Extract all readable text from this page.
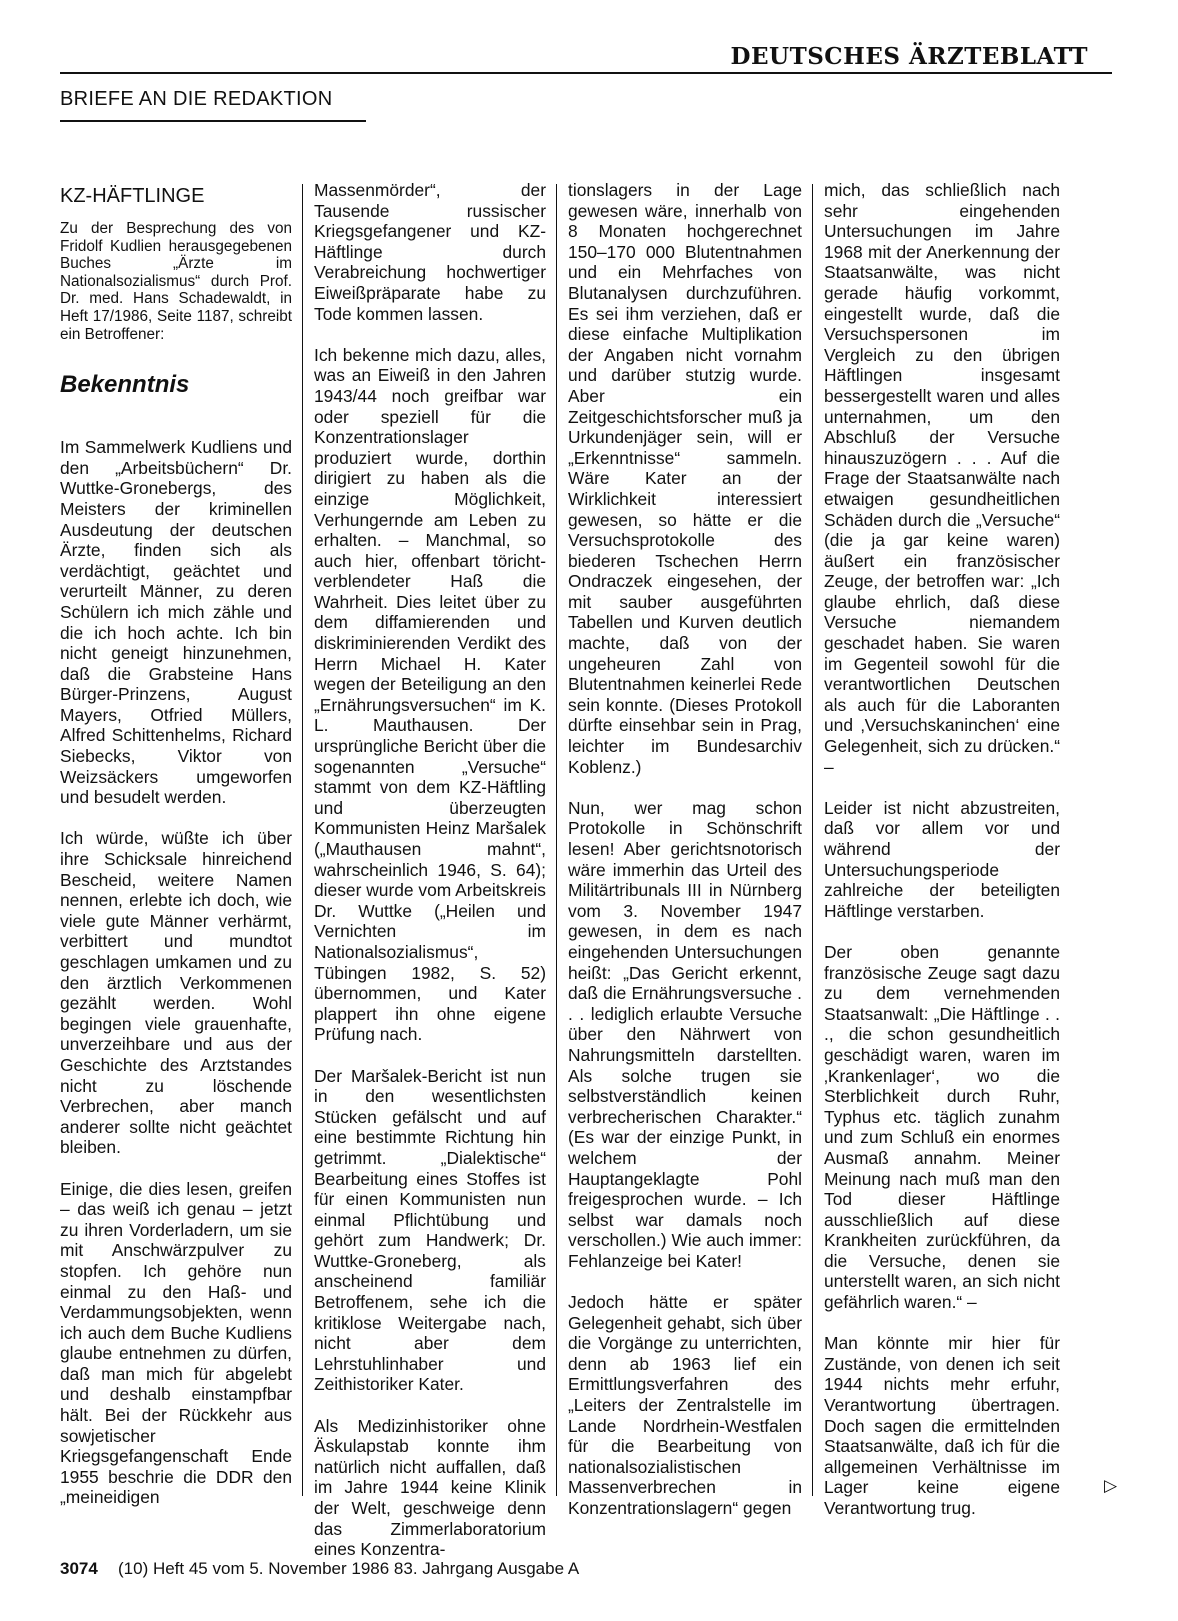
DEUTSCHES ÄRZTEBLATT
BRIEFE AN DIE REDAKTION
KZ-HÄFTLINGE
Zu der Besprechung des von Fridolf Kudlien herausgegebenen Buches „Ärzte im Nationalsozialismus“ durch Prof. Dr. med. Hans Schadewaldt, in Heft 17/1986, Seite 1187, schreibt ein Betroffener:
Bekenntnis

Im Sammelwerk Kudliens und den „Arbeitsbüchern“ Dr. Wuttke-Gronebergs, des Meisters der kriminellen Ausdeutung der deutschen Ärzte, finden sich als verdächtigt, geächtet und verurteilt Männer, zu deren Schülern ich mich zähle und die ich hoch achte. Ich bin nicht geneigt hinzunehmen, daß die Grabsteine Hans Bürger-Prinzens, August Mayers, Otfried Müllers, Alfred Schittenhelms, Richard Siebecks, Viktor von Weizsäckers umgeworfen und besudelt werden.

Ich würde, wüßte ich über ihre Schicksale hinreichend Bescheid, weitere Namen nennen, erlebte ich doch, wie viele gute Männer verhärmt, verbittert und mundtot geschlagen umkamen und zu den ärztlich Verkommenen gezählt werden. Wohl begingen viele grauenhafte, unverzeihbare und aus der Geschichte des Arztstandes nicht zu löschende Verbrechen, aber manch anderer sollte nicht geächtet bleiben.

Einige, die dies lesen, greifen – das weiß ich genau – jetzt zu ihren Vorderladern, um sie mit Anschwärzpulver zu stopfen. Ich gehöre nun einmal zu den Haß- und Verdammungsobjekten, wenn ich auch dem Buche Kudliens glaube entnehmen zu dürfen, daß man mich für abgelebt und deshalb einstampfbar hält. Bei der Rückkehr aus sowjetischer Kriegsgefangenschaft Ende 1955 beschrie die DDR den „meineidigen

Massenmörder“, der Tausende russischer Kriegsgefangener und KZ-Häftlinge durch Verabreichung hochwertiger Eiweißpräparate habe zu Tode kommen lassen.

Ich bekenne mich dazu, alles, was an Eiweiß in den Jahren 1943/44 noch greifbar war oder speziell für die Konzentrationslager produziert wurde, dorthin dirigiert zu haben als die einzige Möglichkeit, Verhungernde am Leben zu erhalten. – Manchmal, so auch hier, offenbart töricht-verblendeter Haß die Wahrheit. Dies leitet über zu dem diffamierenden und diskriminierenden Verdikt des Herrn Michael H. Kater wegen der Beteiligung an den „Ernährungsversuchen“ im K. L. Mauthausen. Der ursprüngliche Bericht über die sogenannten „Versuche“ stammt von dem KZ-Häftling und überzeugten Kommunisten Heinz Maršalek („Mauthausen mahnt“, wahrscheinlich 1946, S. 64); dieser wurde vom Arbeitskreis Dr. Wuttke („Heilen und Vernichten im Nationalsozialismus“, Tübingen 1982, S. 52) übernommen, und Kater plappert ihn ohne eigene Prüfung nach.

Der Maršalek-Bericht ist nun in den wesentlichsten Stücken gefälscht und auf eine bestimmte Richtung hin getrimmt. „Dialektische“ Bearbeitung eines Stoffes ist für einen Kommunisten nun einmal Pflichtübung und gehört zum Handwerk; Dr. Wuttke-Groneberg, als anscheinend familiär Betroffenem, sehe ich die kritiklose Weitergabe nach, nicht aber dem Lehrstuhlinhaber und Zeithistoriker Kater.

Als Medizinhistoriker ohne Äskulapstab konnte ihm natürlich nicht auffallen, daß im Jahre 1944 keine Klinik der Welt, geschweige denn das Zimmerlaboratorium eines Konzentra-

tionslagers in der Lage gewesen wäre, innerhalb von 8 Monaten hochgerechnet 150–170 000 Blutentnahmen und ein Mehrfaches von Blutanalysen durchzuführen. Es sei ihm verziehen, daß er diese einfache Multiplikation der Angaben nicht vornahm und darüber stutzig wurde. Aber ein Zeitgeschichtsforscher muß ja Urkundenjäger sein, will er „Erkenntnisse“ sammeln. Wäre Kater an der Wirklichkeit interessiert gewesen, so hätte er die Versuchsprotokolle des biederen Tschechen Herrn Ondraczek eingesehen, der mit sauber ausgeführten Tabellen und Kurven deutlich machte, daß von der ungeheuren Zahl von Blutentnahmen keinerlei Rede sein konnte. (Dieses Protokoll dürfte einsehbar sein in Prag, leichter im Bundesarchiv Koblenz.)

Nun, wer mag schon Protokolle in Schönschrift lesen! Aber gerichtsnotorisch wäre immerhin das Urteil des Militärtribunals III in Nürnberg vom 3. November 1947 gewesen, in dem es nach eingehenden Untersuchungen heißt: „Das Gericht erkennt, daß die Ernährungsversuche . . . lediglich erlaubte Versuche über den Nährwert von Nahrungsmitteln darstellten. Als solche trugen sie selbstverständlich keinen verbrecherischen Charakter.“ (Es war der einzige Punkt, in welchem der Hauptangeklagte Pohl freigesprochen wurde. – Ich selbst war damals noch verschollen.) Wie auch immer: Fehlanzeige bei Kater!

Jedoch hätte er später Gelegenheit gehabt, sich über die Vorgänge zu unterrichten, denn ab 1963 lief ein Ermittlungsverfahren des „Leiters der Zentralstelle im Lande Nordrhein-Westfalen für die Bearbeitung von nationalsozialistischen Massenverbrechen in Konzentrationslagern“ gegen

mich, das schließlich nach sehr eingehenden Untersuchungen im Jahre 1968 mit der Anerkennung der Staatsanwälte, was nicht gerade häufig vorkommt, eingestellt wurde, daß die Versuchspersonen im Vergleich zu den übrigen Häftlingen insgesamt bessergestellt waren und alles unternahmen, um den Abschluß der Versuche hinauszuzögern . . . Auf die Frage der Staatsanwälte nach etwaigen gesundheitlichen Schäden durch die „Versuche“ (die ja gar keine waren) äußert ein französischer Zeuge, der betroffen war: „Ich glaube ehrlich, daß diese Versuche niemandem geschadet haben. Sie waren im Gegenteil sowohl für die verantwortlichen Deutschen als auch für die Laboranten und ‚Versuchskaninchen‘ eine Gelegenheit, sich zu drücken.“ –

Leider ist nicht abzustreiten, daß vor allem vor und während der Untersuchungsperiode zahlreiche der beteiligten Häftlinge verstarben.

Der oben genannte französische Zeuge sagt dazu zu dem vernehmenden Staatsanwalt: „Die Häftlinge . . ., die schon gesundheitlich geschädigt waren, waren im ‚Krankenlager‘, wo die Sterblichkeit durch Ruhr, Typhus etc. täglich zunahm und zum Schluß ein enormes Ausmaß annahm. Meiner Meinung nach muß man den Tod dieser Häftlinge ausschließlich auf diese Krankheiten zurückführen, da die Versuche, denen sie unterstellt waren, an sich nicht gefährlich waren.“ –

Man könnte mir hier für Zustände, von denen ich seit 1944 nichts mehr erfuhr, Verantwortung übertragen. Doch sagen die ermittelnden Staatsanwälte, daß ich für die allgemeinen Verhältnisse im Lager keine eigene Verantwortung trug.

▷
3074 (10) Heft 45 vom 5. November 1986 83. Jahrgang Ausgabe A
